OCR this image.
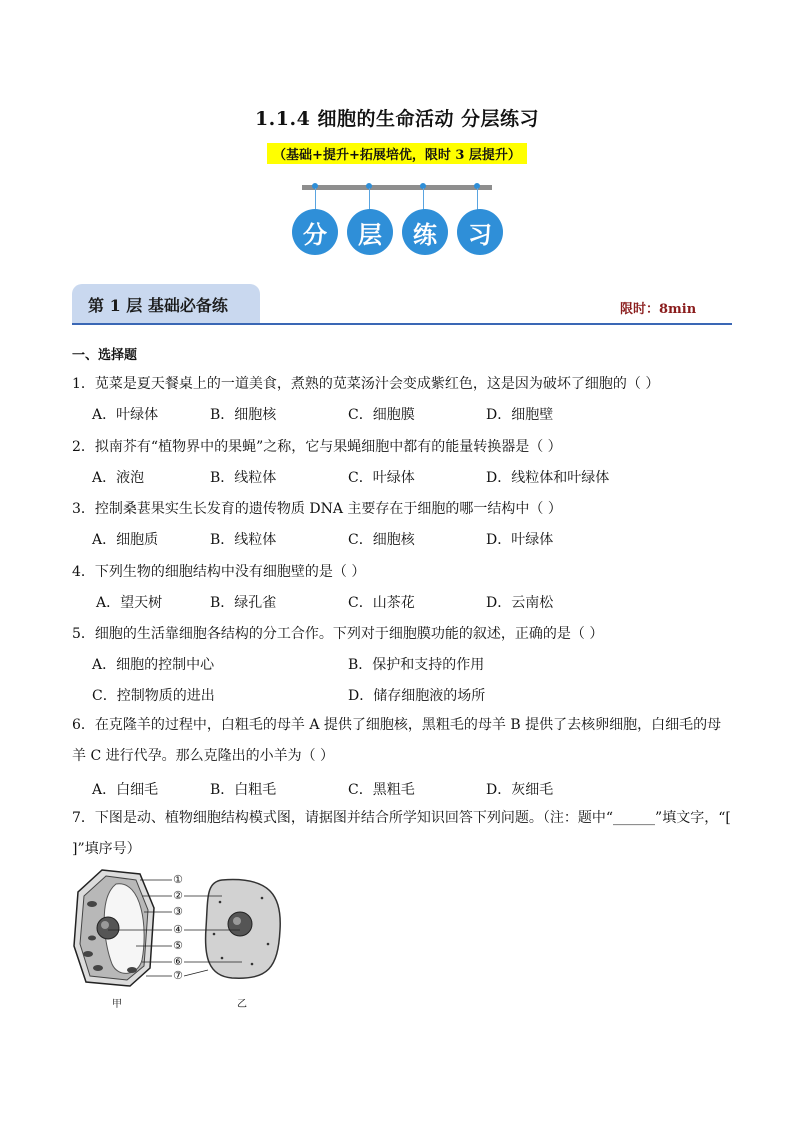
1.1.4 细胞的生命活动 分层练习
（基础+提升+拓展培优，限时 3 层提升）
分	层	练	习
第 1 层 基础必备练	限时：8min
一、选择题
1．苋菜是夏天餐桌上的一道美食，煮熟的苋菜汤汁会变成紫红色，这是因为破坏了细胞的（ ）
A．叶绿体	B．细胞核	C．细胞膜	D．细胞壁
2．拟南芥有“植物界中的果蝇”之称，它与果蝇细胞中都有的能量转换器是（ ）
A．液泡	B．线粒体	C．叶绿体	D．线粒体和叶绿体
3．控制桑葚果实生长发育的遗传物质 DNA 主要存在于细胞的哪一结构中（ ）
A．细胞质	B．线粒体	C．细胞核	D．叶绿体
4．下列生物的细胞结构中没有细胞壁的是（ ）
A．望天树	B．绿孔雀	C．山茶花	D．云南松
5．细胞的生活靠细胞各结构的分工合作。下列对于细胞膜功能的叙述，正确的是（ ）
A．细胞的控制中心	B．保护和支持的作用
C．控制物质的进出	D．储存细胞液的场所
6．在克隆羊的过程中，白粗毛的母羊 A 提供了细胞核，黑粗毛的母羊 B 提供了去核卵细胞，白细毛的母羊 C 进行代孕。那么克隆出的小羊为（ ）
A．白细毛	B．白粗毛	C．黑粗毛	D．灰细毛
7．下图是动、植物细胞结构模式图，请据图并结合所学知识回答下列问题。（注：题中“______”填文字，“[ ]”填序号）
①
②
③
④
⑤
⑥
⑦
甲	乙
